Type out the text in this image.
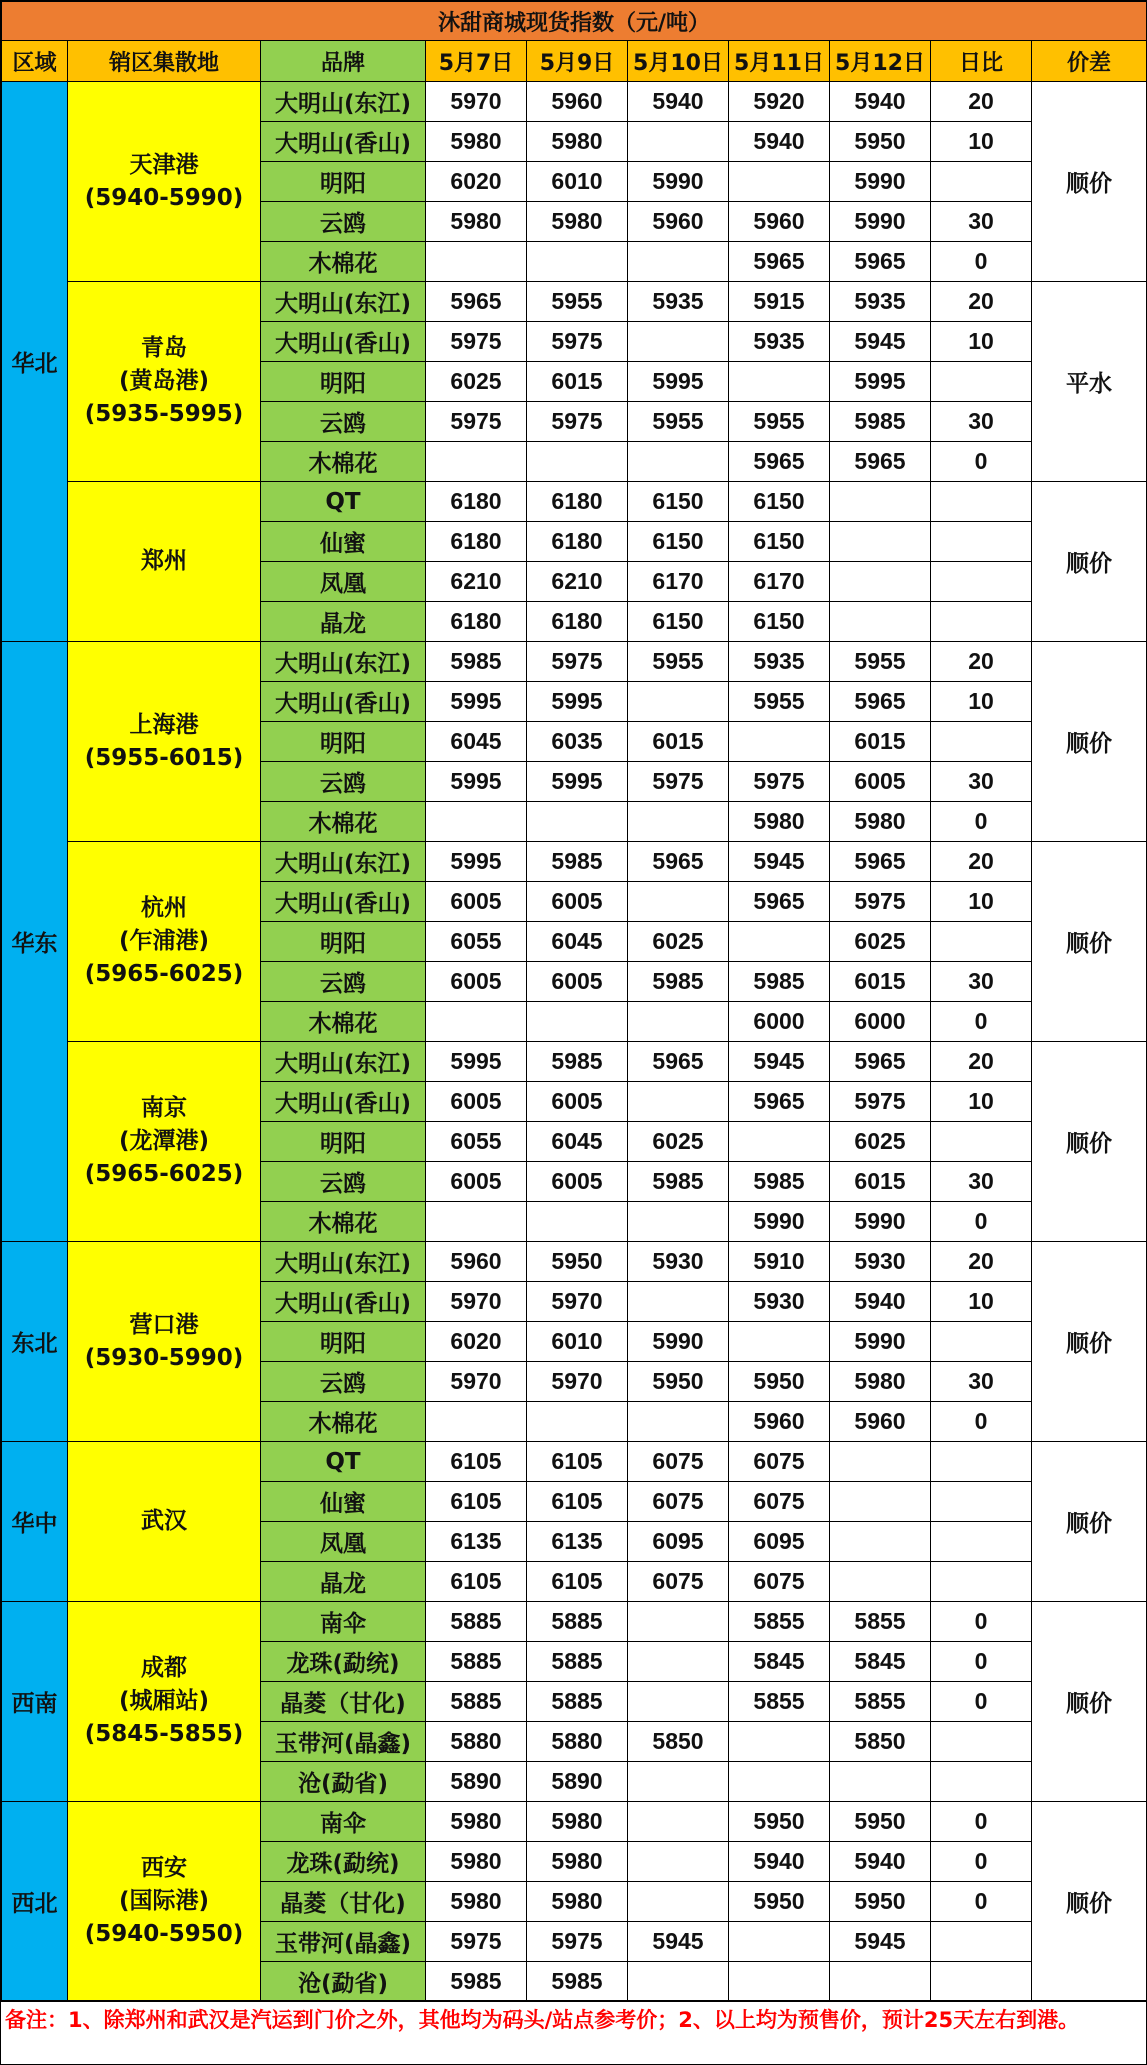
沐甜商城现货指数（元/吨）									
区域	销区集散地	品牌	5月7日	5月9日	5月10日	5月11日	5月12日	日比	价差
华北	天津港
(5940-5990)	大明山(东江)	5970	5960	5940	5920	5940	20	顺价
		大明山(香山)	5980	5980		5940	5950	10	
		明阳	6020	6010	5990		5990		
		云鸥	5980	5980	5960	5960	5990	30	
		木棉花				5965	5965	0	

	青岛
(黄岛港)
(5935-5995)	大明山(东江)	5965	5955	5935	5915	5935	20	平水
		大明山(香山)	5975	5975		5935	5945	10	
		明阳	6025	6015	5995		5995		
		云鸥	5975	5975	5955	5955	5985	30	
		木棉花				5965	5965	0	

	郑州	QT	6180	6180	6150	6150			顺价
		仙蜜	6180	6180	6150	6150			
		凤凰	6210	6210	6170	6170			
		晶龙	6180	6180	6150	6150			
华东	上海港
(5955-6015)	大明山(东江)	5985	5975	5955	5935	5955	20	顺价
		大明山(香山)	5995	5995		5955	5965	10	
		明阳	6045	6035	6015		6015		
		云鸥	5995	5995	5975	5975	6005	30	
		木棉花				5980	5980	0	

	杭州
(乍浦港)
(5965-6025)	大明山(东江)	5995	5985	5965	5945	5965	20	顺价
		大明山(香山)	6005	6005		5965	5975	10	
		明阳	6055	6045	6025		6025		
		云鸥	6005	6005	5985	5985	6015	30	
		木棉花				6000	6000	0	

	南京
(龙潭港)
(5965-6025)	大明山(东江)	5995	5985	5965	5945	5965	20	顺价
		大明山(香山)	6005	6005		5965	5975	10	
		明阳	6055	6045	6025		6025		
		云鸥	6005	6005	5985	5985	6015	30	
		木棉花				5990	5990	0	
东北	营口港
(5930-5990)	大明山(东江)	5960	5950	5930	5910	5930	20	顺价
		大明山(香山)	5970	5970		5930	5940	10	
		明阳	6020	6010	5990		5990		
		云鸥	5970	5970	5950	5950	5980	30	
		木棉花				5960	5960	0	
华中	武汉	QT	6105	6105	6075	6075			顺价
		仙蜜	6105	6105	6075	6075			
		凤凰	6135	6135	6095	6095			
		晶龙	6105	6105	6075	6075			
西南	成都
(城厢站)
(5845-5855)	南伞	5885	5885		5855	5855	0	顺价
		龙珠(勐统)	5885	5885		5845	5845	0	
		晶菱（甘化)	5885	5885		5855	5855	0	
		玉带河(晶鑫)	5880	5880	5850		5850		
		沧(勐省)	5890	5890					
西北	西安
(国际港)
(5940-5950)	南伞	5980	5980		5950	5950	0	顺价
		龙珠(勐统)	5980	5980		5940	5940	0	
		晶菱（甘化)	5980	5980		5950	5950	0	
		玉带河(晶鑫)	5975	5975	5945		5945		
		沧(勐省)	5985	5985					
备注：1、除郑州和武汉是汽运到门价之外，其他均为码头/站点参考价；2、以上均为预售价，预计25天左右到港。
